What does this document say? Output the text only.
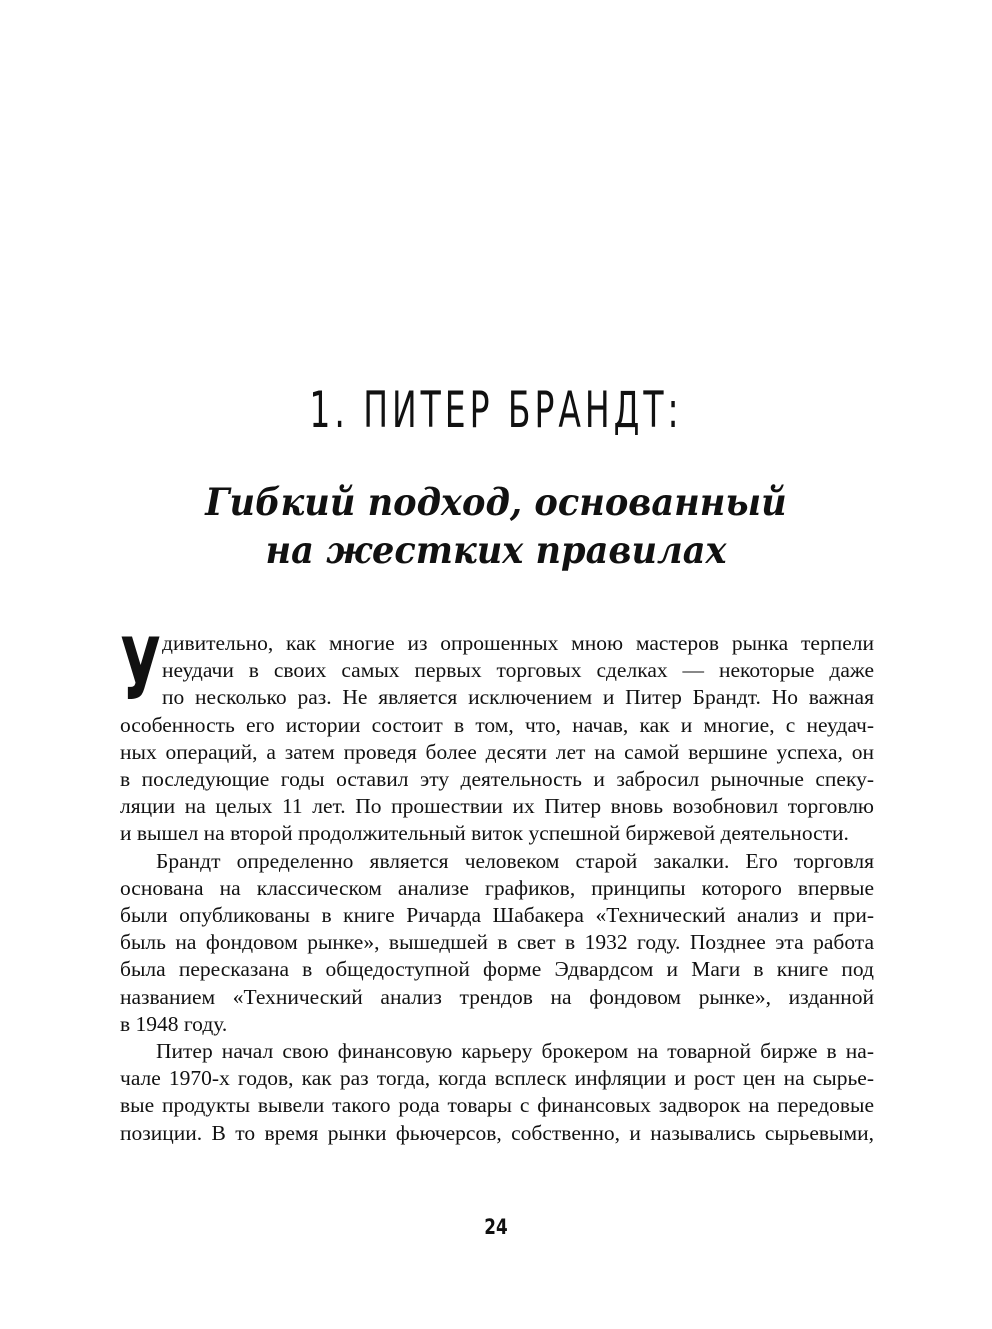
1. ПИТЕР БРАНДТ:
Гибкий подход, основанный
на жестких правилах
У дивительно, как многие из опрошенных мною мастеров рынка терпели
неудачи в своих самых первых торговых сделках — некоторые даже
по несколько раз. Не является исключением и Питер Брандт. Но важная
особенность его истории состоит в том, что, начав, как и многие, с неудач-
ных операций, а затем проведя более десяти лет на самой вершине успеха, он
в последующие годы оставил эту деятельность и забросил рыночные спеку-
ляции на целых 11 лет. По прошествии их Питер вновь возобновил торговлю
и вышел на второй продолжительный виток успешной биржевой деятельности.

Брандт определенно является человеком старой закалки. Его торговля
основана на классическом анализе графиков, принципы которого впервые
были опубликованы в книге Ричарда Шабакера «Технический анализ и при-
быль на фондовом рынке», вышедшей в свет в 1932 году. Позднее эта работа
была пересказана в общедоступной форме Эдвардсом и Маги в книге под
названием «Технический анализ трендов на фондовом рынке», изданной
в 1948 году.

Питер начал свою финансовую карьеру брокером на товарной бирже в на-
чале 1970-х годов, как раз тогда, когда всплеск инфляции и рост цен на сырье-
вые продукты вывели такого рода товары с финансовых задворок на передовые
позиции. В то время рынки фьючерсов, собственно, и назывались сырьевыми,

24
